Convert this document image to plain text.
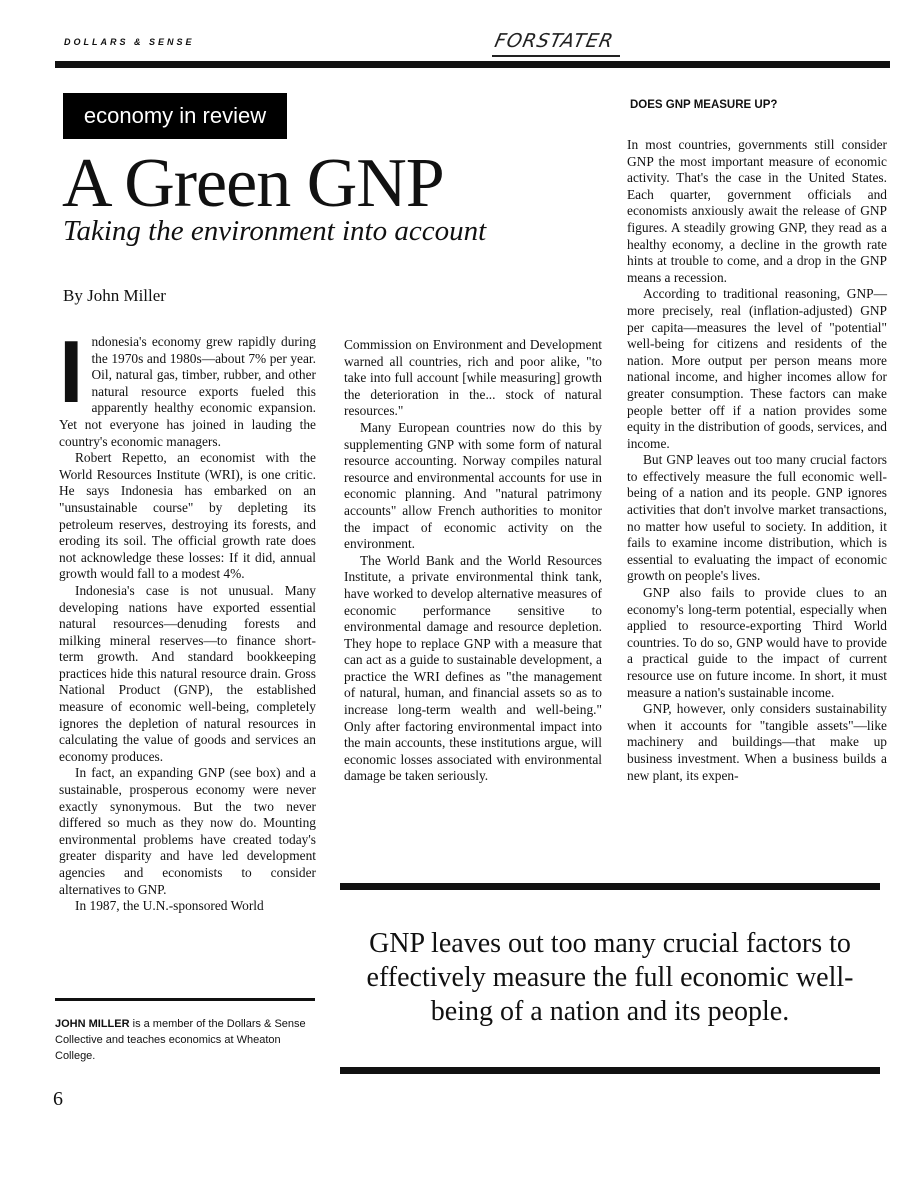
DOLLARS & SENSE	FORSTATER
economy in review
A Green GNP
Taking the environment into account
By John Miller
I ndonesia's economy grew rapidly during the 1970s and 1980s—about 7% per year. Oil, natural gas, timber, rubber, and other natural resource exports fueled this apparently healthy economic expansion. Yet not everyone has joined in lauding the country's economic managers.

Robert Repetto, an economist with the World Resources Institute (WRI), is one critic. He says Indonesia has embarked on an "unsustainable course" by depleting its petroleum reserves, destroying its forests, and eroding its soil. The official growth rate does not acknowledge these losses: If it did, annual growth would fall to a modest 4%.

Indonesia's case is not unusual. Many developing nations have exported essential natural resources—denuding forests and milking mineral reserves—to finance short-term growth. And standard bookkeeping practices hide this natural resource drain. Gross National Product (GNP), the established measure of economic well-being, completely ignores the depletion of natural resources in calculating the value of goods and services an economy produces.

In fact, an expanding GNP (see box) and a sustainable, prosperous economy were never exactly synonymous. But the two never differed so much as they now do. Mounting environmental problems have created today's greater disparity and have led development agencies and economists to consider alternatives to GNP.

In 1987, the U.N.-sponsored World

Commission on Environment and Development warned all countries, rich and poor alike, "to take into full account [while measuring] growth the deterioration in the... stock of natural resources."

Many European countries now do this by supplementing GNP with some form of natural resource accounting. Norway compiles natural resource and environmental accounts for use in economic planning. And "natural patrimony accounts" allow French authorities to monitor the impact of economic activity on the environment.

The World Bank and the World Resources Institute, a private environmental think tank, have worked to develop alternative measures of economic performance sensitive to environmental damage and resource depletion. They hope to replace GNP with a measure that can act as a guide to sustainable development, a practice the WRI defines as "the management of natural, human, and financial assets so as to increase long-term wealth and well-being." Only after factoring environmental impact into the main accounts, these institutions argue, will economic losses associated with environmental damage be taken seriously.

DOES GNP MEASURE UP?

In most countries, governments still consider GNP the most important measure of economic activity. That's the case in the United States. Each quarter, government officials and economists anxiously await the release of GNP figures. A steadily growing GNP, they read as a healthy economy, a decline in the growth rate hints at trouble to come, and a drop in the GNP means a recession.

According to traditional reasoning, GNP—more precisely, real (inflation-adjusted) GNP per capita—measures the level of "potential" well-being for citizens and residents of the nation. More output per person means more national income, and higher incomes allow for greater consumption. These factors can make people better off if a nation provides some equity in the distribution of goods, services, and income.

But GNP leaves out too many crucial factors to effectively measure the full economic well-being of a nation and its people. GNP ignores activities that don't involve market transactions, no matter how useful to society. In addition, it fails to examine income distribution, which is essential to evaluating the impact of economic growth on people's lives.

GNP also fails to provide clues to an economy's long-term potential, especially when applied to resource-exporting Third World countries. To do so, GNP would have to provide a practical guide to the impact of current resource use on future income. In short, it must measure a nation's sustainable income.

GNP, however, only considers sustainability when it accounts for "tangible assets"—like machinery and buildings—that make up business investment. When a business builds a new plant, its expen-

JOHN MILLER is a member of the Dollars & Sense Collective and teaches economics at Wheaton College.
6
GNP leaves out too many crucial factors to effectively measure the full economic well-being of a nation and its people.
